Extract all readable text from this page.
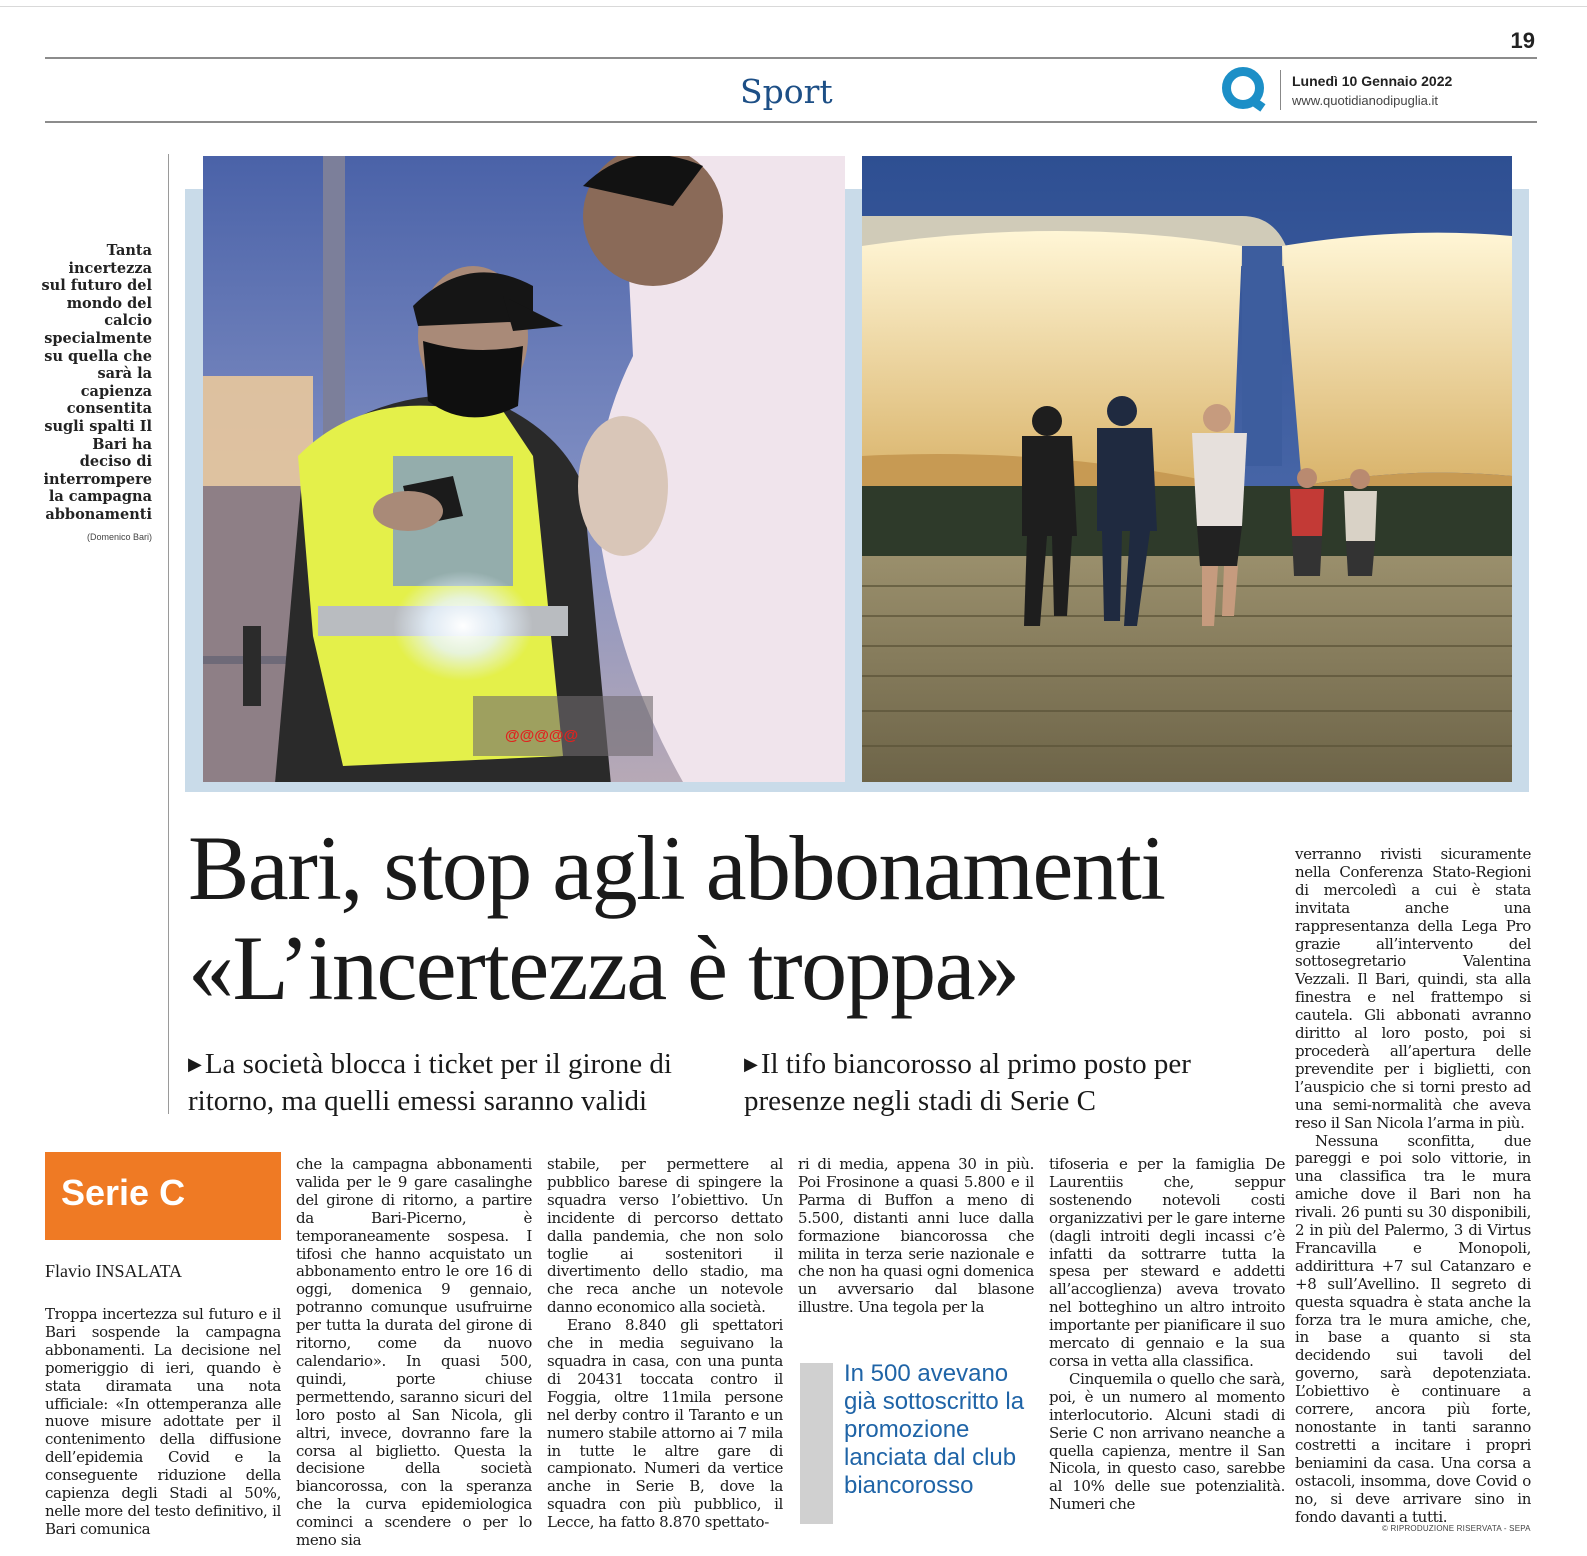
19
Sport	Lunedì 10 Gennaio 2022
www.quotidianodipuglia.it
Tanta incertezza sul futuro del mondo del calcio specialmente su quella che sarà la capienza consentita sugli spalti Il Bari ha deciso di interrompere la campagna abbonamenti
(Domenico Bari)
@@@@@
Bari, stop agli abbonamenti
«L’incertezza è troppa»
▶ La società blocca i ticket per il girone di ritorno, ma quelli emessi saranno validi
▶ Il tifo biancorosso al primo posto per presenze negli stadi di Serie C

verranno rivisti sicuramente nella Conferenza Stato-Regioni di mercoledì a cui è stata invitata anche una rappresentanza della Lega Pro grazie all’intervento del sottosegretario Valentina Vezzali. Il Bari, quindi, sta alla finestra e nel frattempo si cautela. Gli abbonati avranno diritto al loro posto, poi si procederà all’apertura delle prevendite per i biglietti, con l’auspicio che si torni presto ad una semi-normalità che aveva reso il San Nicola l’arma in più.

Nessuna sconfitta, due pareggi e poi solo vittorie, in una classifica tra le mura amiche dove il Bari non ha rivali. 26 punti su 30 disponibili, 2 in più del Palermo, 3 di Virtus Francavilla e Monopoli, addirittura +7 sul Catanzaro e +8 sull’Avellino. Il segreto di questa squadra è stata anche la forza tra le mura amiche, che, in base a quanto si sta decidendo sui tavoli del governo, sarà depotenziata. L’obiettivo è continuare a correre, ancora più forte, nonostante in tanti saranno costretti a incitare i propri beniamini da casa. Una corsa a ostacoli, insomma, dove Covid o no, si deve arrivare sino in fondo davanti a tutti.

Serie C
Flavio INSALATA

Troppa incertezza sul futuro e il Bari sospende la campagna abbonamenti. La decisione nel pomeriggio di ieri, quando è stata diramata una nota ufficiale: «In ottemperanza alle nuove misure adottate per il contenimento della diffusione dell’epidemia Covid e la conseguente riduzione della capienza degli Stadi al 50%, nelle more del testo definitivo, il Bari comunica

che la campagna abbonamenti valida per le 9 gare casalinghe del girone di ritorno, a partire da Bari-Picerno, è temporaneamente sospesa. I tifosi che hanno acquistato un abbonamento entro le ore 16 di oggi, domenica 9 gennaio, potranno comunque usufruirne per tutta la durata del girone di ritorno, come da nuovo calendario». In quasi 500, quindi, porte chiuse permettendo, saranno sicuri del loro posto al San Nicola, gli altri, invece, dovranno fare la corsa al biglietto. Questa la decisione della società biancorossa, con la speranza che la curva epidemiologica cominci a scendere o per lo meno sia

stabile, per permettere al pubblico barese di spingere la squadra verso l’obiettivo. Un incidente di percorso dettato dalla pandemia, che non solo toglie ai sostenitori il divertimento dello stadio, ma che reca anche un notevole danno economico alla società.

Erano 8.840 gli spettatori che in media seguivano la squadra in casa, con una punta di 20431 toccata contro il Foggia, oltre 11mila persone nel derby contro il Taranto e un numero stabile attorno ai 7 mila in tutte le altre gare di campionato. Numeri da vertice anche in Serie B, dove la squadra con più pubblico, il Lecce, ha fatto 8.870 spettato-

ri di media, appena 30 in più. Poi Frosinone a quasi 5.800 e il Parma di Buffon a meno di 5.500, distanti anni luce dalla formazione biancorossa che milita in terza serie nazionale e che non ha quasi ogni domenica un avversario dal blasone illustre. Una tegola per la

In 500 avevano già sottoscritto la promozione lanciata dal club biancorosso

tifoseria e per la famiglia De Laurentiis che, seppur sostenendo notevoli costi organizzativi per le gare interne (dagli introiti degli incassi c’è infatti da sottrarre tutta la spesa per steward e addetti all’accoglienza) aveva trovato nel botteghino un altro introito importante per pianificare il suo mercato di gennaio e la sua corsa in vetta alla classifica.

Cinquemila o quello che sarà, poi, è un numero al momento interlocutorio. Alcuni stadi di Serie C non arrivano neanche a quella capienza, mentre il San Nicola, in questo caso, sarebbe al 10% delle sue potenzialità. Numeri che

© RIPRODUZIONE RISERVATA - SEPA
